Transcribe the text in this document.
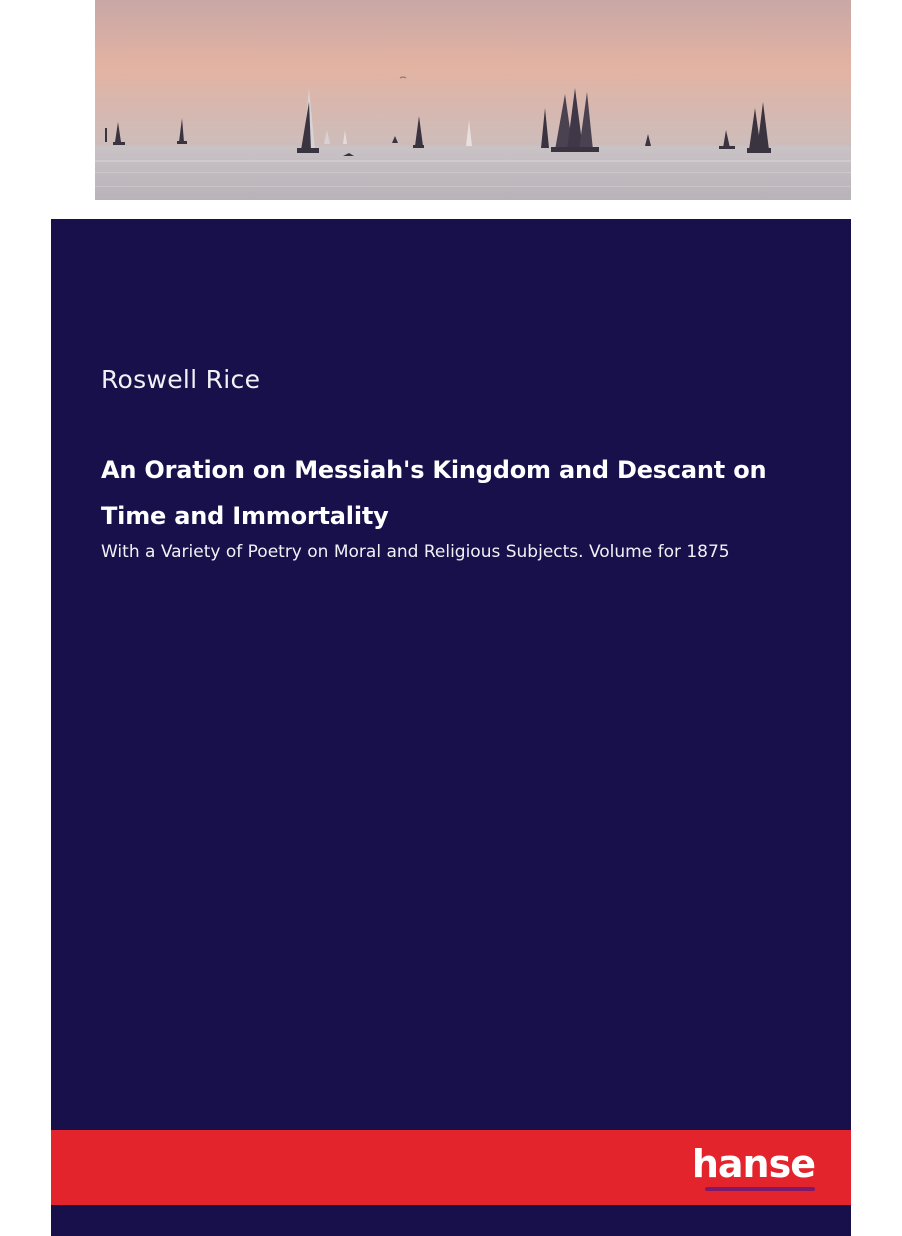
Roswell Rice
An Oration on Messiah's Kingdom and Descant on Time and Immortality
With a Variety of Poetry on Moral and Religious Subjects. Volume for 1875
hanse
